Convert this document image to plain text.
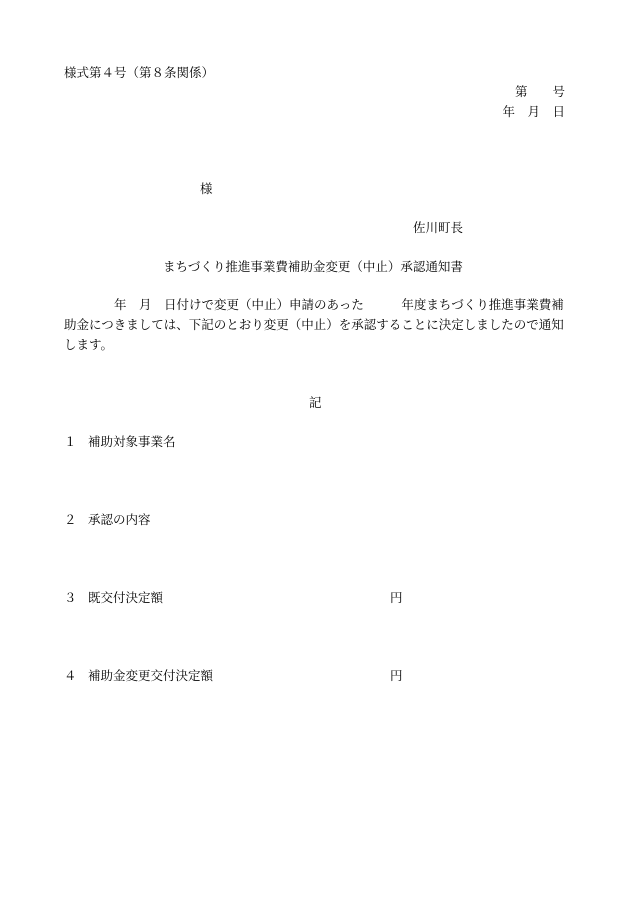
様式第４号（第８条関係）
第　　号
年　月　日
様
佐川町長
まちづくり推進事業費補助金変更（中止）承認通知書

　　　　年　月　日付けで変更（中止）申請のあった　　　年度まちづくり推進事業費補助金につきましては、下記のとおり変更（中止）を承認することに決定しましたので通知します。

記
１ 補助対象事業名
２ 承認の内容
３ 既交付決定額	円
４ 補助金変更交付決定額	円
